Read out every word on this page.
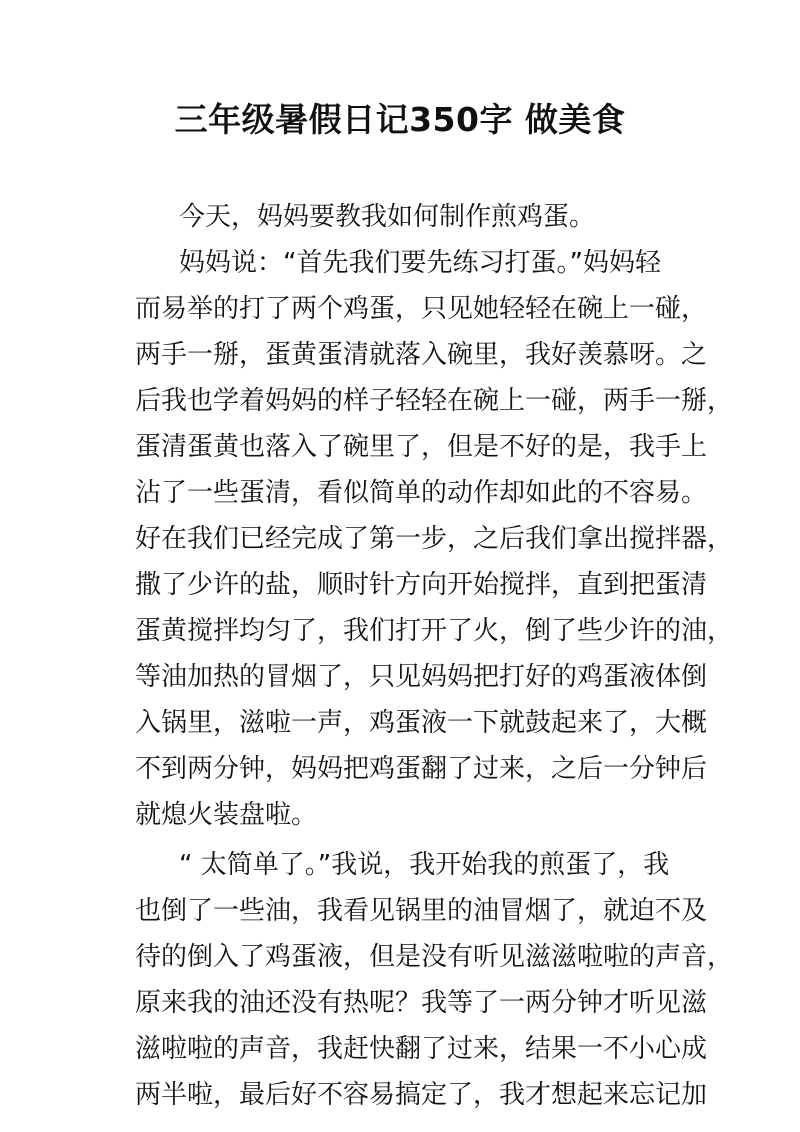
三年级暑假日记350字 做美食
今天，妈妈要教我如何制作煎鸡蛋。
妈妈说：“首先我们要先练习打蛋。”妈妈轻
而易举的打了两个鸡蛋，只见她轻轻在碗上一碰，
两手一掰，蛋黄蛋清就落入碗里，我好羡慕呀。之
后我也学着妈妈的样子轻轻在碗上一碰，两手一掰，
蛋清蛋黄也落入了碗里了，但是不好的是，我手上
沾了一些蛋清，看似简单的动作却如此的不容易。
好在我们已经完成了第一步，之后我们拿出搅拌器，
撒了少许的盐，顺时针方向开始搅拌，直到把蛋清
蛋黄搅拌均匀了，我们打开了火，倒了些少许的油，
等油加热的冒烟了，只见妈妈把打好的鸡蛋液体倒
入锅里，滋啦一声，鸡蛋液一下就鼓起来了，大概
不到两分钟，妈妈把鸡蛋翻了过来，之后一分钟后
就熄火装盘啦。
“ 太简单了。”我说，我开始我的煎蛋了，我
也倒了一些油，我看见锅里的油冒烟了，就迫不及
待的倒入了鸡蛋液，但是没有听见滋滋啦啦的声音，
原来我的油还没有热呢？我等了一两分钟才听见滋
滋啦啦的声音，我赶快翻了过来，结果一不小心成
两半啦，最后好不容易搞定了，我才想起来忘记加
